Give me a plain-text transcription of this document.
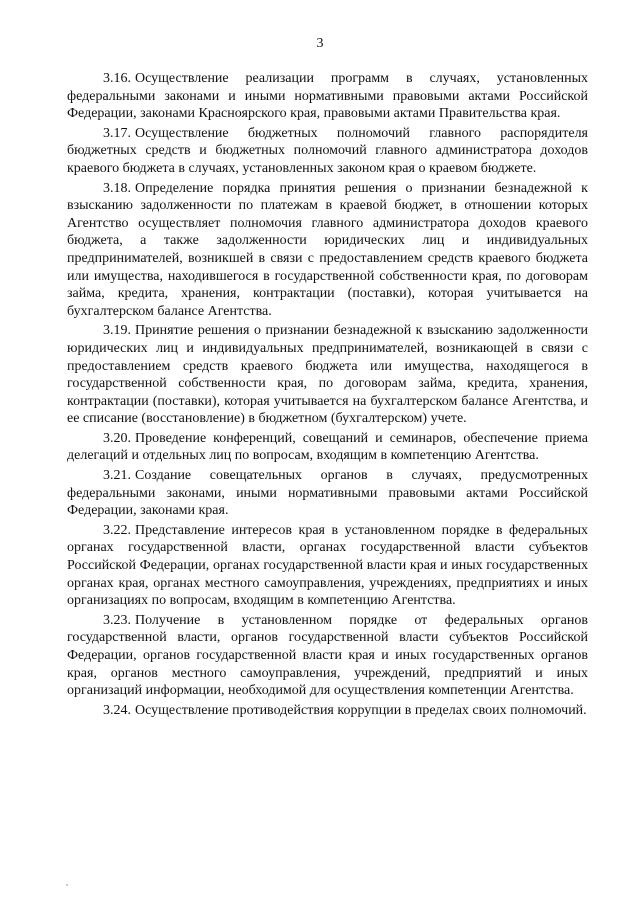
3

3.16. Осуществление реализации программ в случаях, установленных федеральными законами и иными нормативными правовыми актами Российской Федерации, законами Красноярского края, правовыми актами Правительства края.

3.17. Осуществление бюджетных полномочий главного распорядителя бюджетных средств и бюджетных полномочий главного администратора доходов краевого бюджета в случаях, установленных законом края о краевом бюджете.

3.18. Определение порядка принятия решения о признании безнадежной к взысканию задолженности по платежам в краевой бюджет, в отношении которых Агентство осуществляет полномочия главного администратора доходов краевого бюджета, а также задолженности юридических лиц и индивидуальных предпринимателей, возникшей в связи с предоставлением средств краевого бюджета или имущества, находившегося в государственной собственности края, по договорам займа, кредита, хранения, контрактации (поставки), которая учитывается на бухгалтерском балансе Агентства.

3.19. Принятие решения о признании безнадежной к взысканию задолженности юридических лиц и индивидуальных предпринимателей, возникающей в связи с предоставлением средств краевого бюджета или имущества, находящегося в государственной собственности края, по договорам займа, кредита, хранения, контрактации (поставки), которая учитывается на бухгалтерском балансе Агентства, и ее списание (восстановление) в бюджетном (бухгалтерском) учете.

3.20. Проведение конференций, совещаний и семинаров, обеспечение приема делегаций и отдельных лиц по вопросам, входящим в компетенцию Агентства.

3.21. Создание совещательных органов в случаях, предусмотренных федеральными законами, иными нормативными правовыми актами Российской Федерации, законами края.

3.22. Представление интересов края в установленном порядке в федеральных органах государственной власти, органах государственной власти субъектов Российской Федерации, органах государственной власти края и иных государственных органах края, органах местного самоуправления, учреждениях, предприятиях и иных организациях по вопросам, входящим в компетенцию Агентства.

3.23. Получение в установленном порядке от федеральных органов государственной власти, органов государственной власти субъектов Российской Федерации, органов государственной власти края и иных государственных органов края, органов местного самоуправления, учреждений, предприятий и иных организаций информации, необходимой для осуществления компетенции Агентства.

3.24. Осуществление противодействия коррупции в пределах своих полномочий.
